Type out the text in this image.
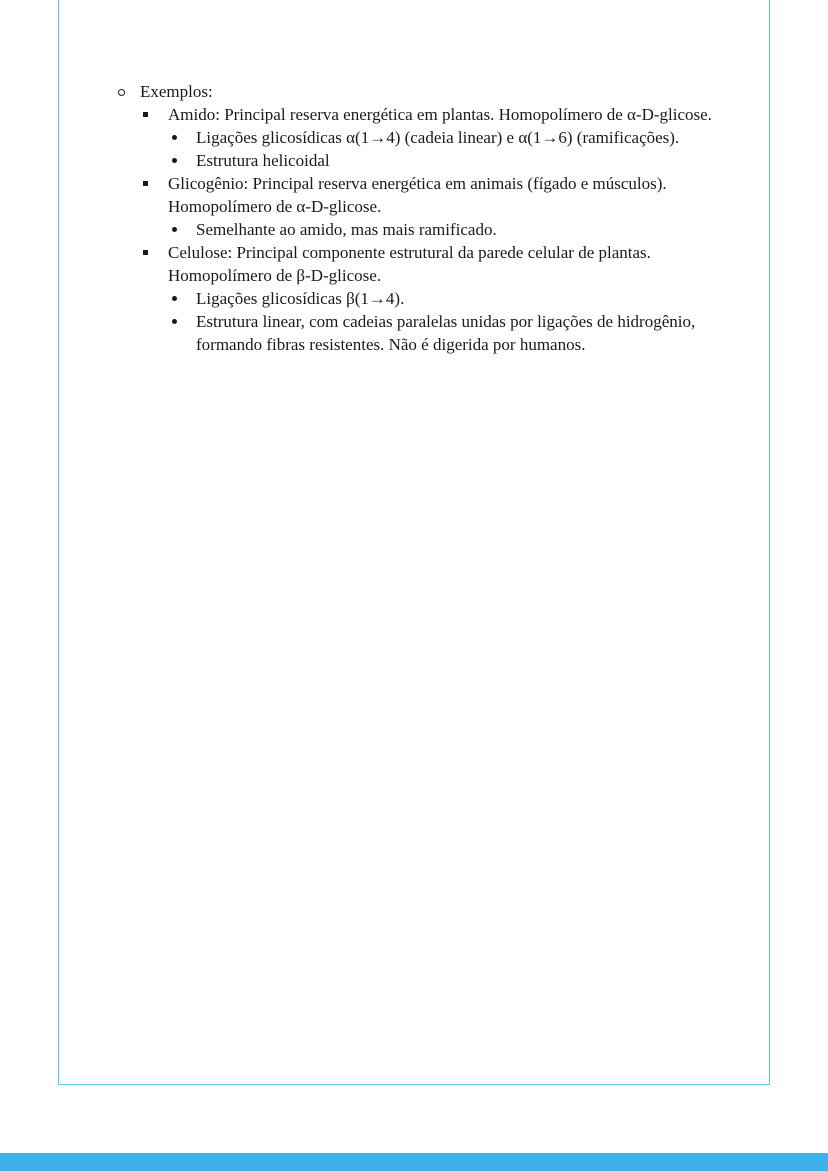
Exemplos:
Amido: Principal reserva energética em plantas. Homopolímero de α-D-glicose.
Ligações glicosídicas α(1→4) (cadeia linear) e α(1→6) (ramificações).
Estrutura helicoidal
Glicogênio: Principal reserva energética em animais (fígado e músculos). Homopolímero de α-D-glicose.
Semelhante ao amido, mas mais ramificado.
Celulose: Principal componente estrutural da parede celular de plantas. Homopolímero de β-D-glicose.
Ligações glicosídicas β(1→4).
Estrutura linear, com cadeias paralelas unidas por ligações de hidrogênio, formando fibras resistentes. Não é digerida por humanos.
